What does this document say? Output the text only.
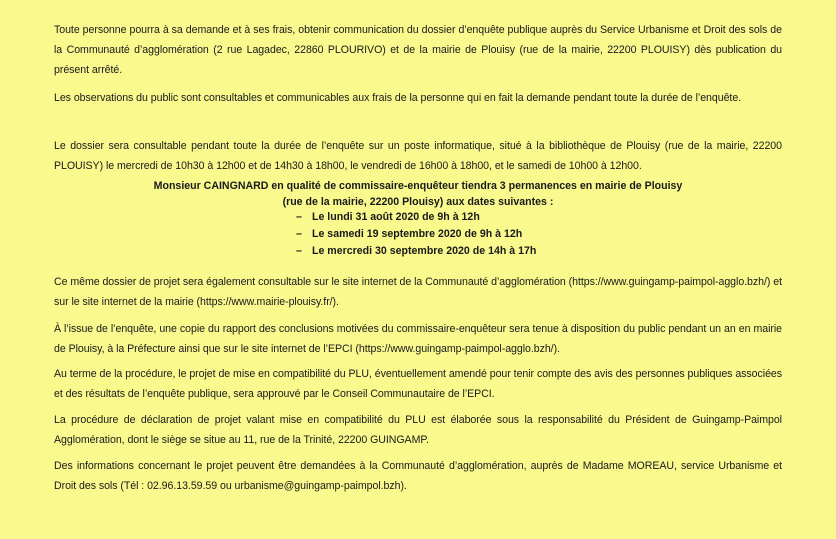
Toute personne pourra à sa demande et à ses frais, obtenir communication du dossier d’enquête publique auprès du Service Urbanisme et Droit des sols de la Communauté d’agglomération (2 rue Lagadec, 22860 PLOURIVO) et de la mairie de Plouisy (rue de la mairie, 22200 PLOUISY) dès publication du présent arrêté.

Les observations du public sont consultables et communicables aux frais de la personne qui en fait la demande pendant toute la durée de l’enquête.

Le dossier sera consultable pendant toute la durée de l’enquête sur un poste informatique, situé à la bibliothèque de Plouisy (rue de la mairie, 22200 PLOUISY) le mercredi de 10h30 à 12h00 et de 14h30 à 18h00, le vendredi de 16h00 à 18h00, et le samedi de 10h00 à 12h00.

Monsieur CAINGNARD en qualité de commissaire-enquêteur tiendra 3 permanences en mairie de Plouisy
(rue de la mairie, 22200 Plouisy) aux dates suivantes :
– Le lundi 31 août 2020 de 9h à 12h
– Le samedi 19 septembre 2020 de 9h à 12h
– Le mercredi 30 septembre 2020 de 14h à 17h

Ce même dossier de projet sera également consultable sur le site internet de la Communauté d’agglomération (https://www.guingamp-paimpol-agglo.bzh/) et sur le site internet de la mairie (https://www.mairie-plouisy.fr/).

À l’issue de l’enquête, une copie du rapport des conclusions motivées du commissaire-enquêteur sera tenue à disposition du public pendant un an en mairie de Plouisy, à la Préfecture ainsi que sur le site internet de l’EPCI (https://www.guingamp-paimpol-agglo.bzh/).

Au terme de la procédure, le projet de mise en compatibilité du PLU, éventuellement amendé pour tenir compte des avis des personnes publiques associées et des résultats de l’enquête publique, sera approuvé par le Conseil Communautaire de l’EPCI.

La procédure de déclaration de projet valant mise en compatibilité du PLU est élaborée sous la responsabilité du Président de Guingamp-Paimpol Agglomération, dont le siège se situe au 11, rue de la Trinité, 22200 GUINGAMP.

Des informations concernant le projet peuvent être demandées à la Communauté d’agglomération, auprès de Madame MOREAU, service Urbanisme et Droit des sols (Tél : 02.96.13.59.59 ou urbanisme@guingamp-paimpol.bzh).
